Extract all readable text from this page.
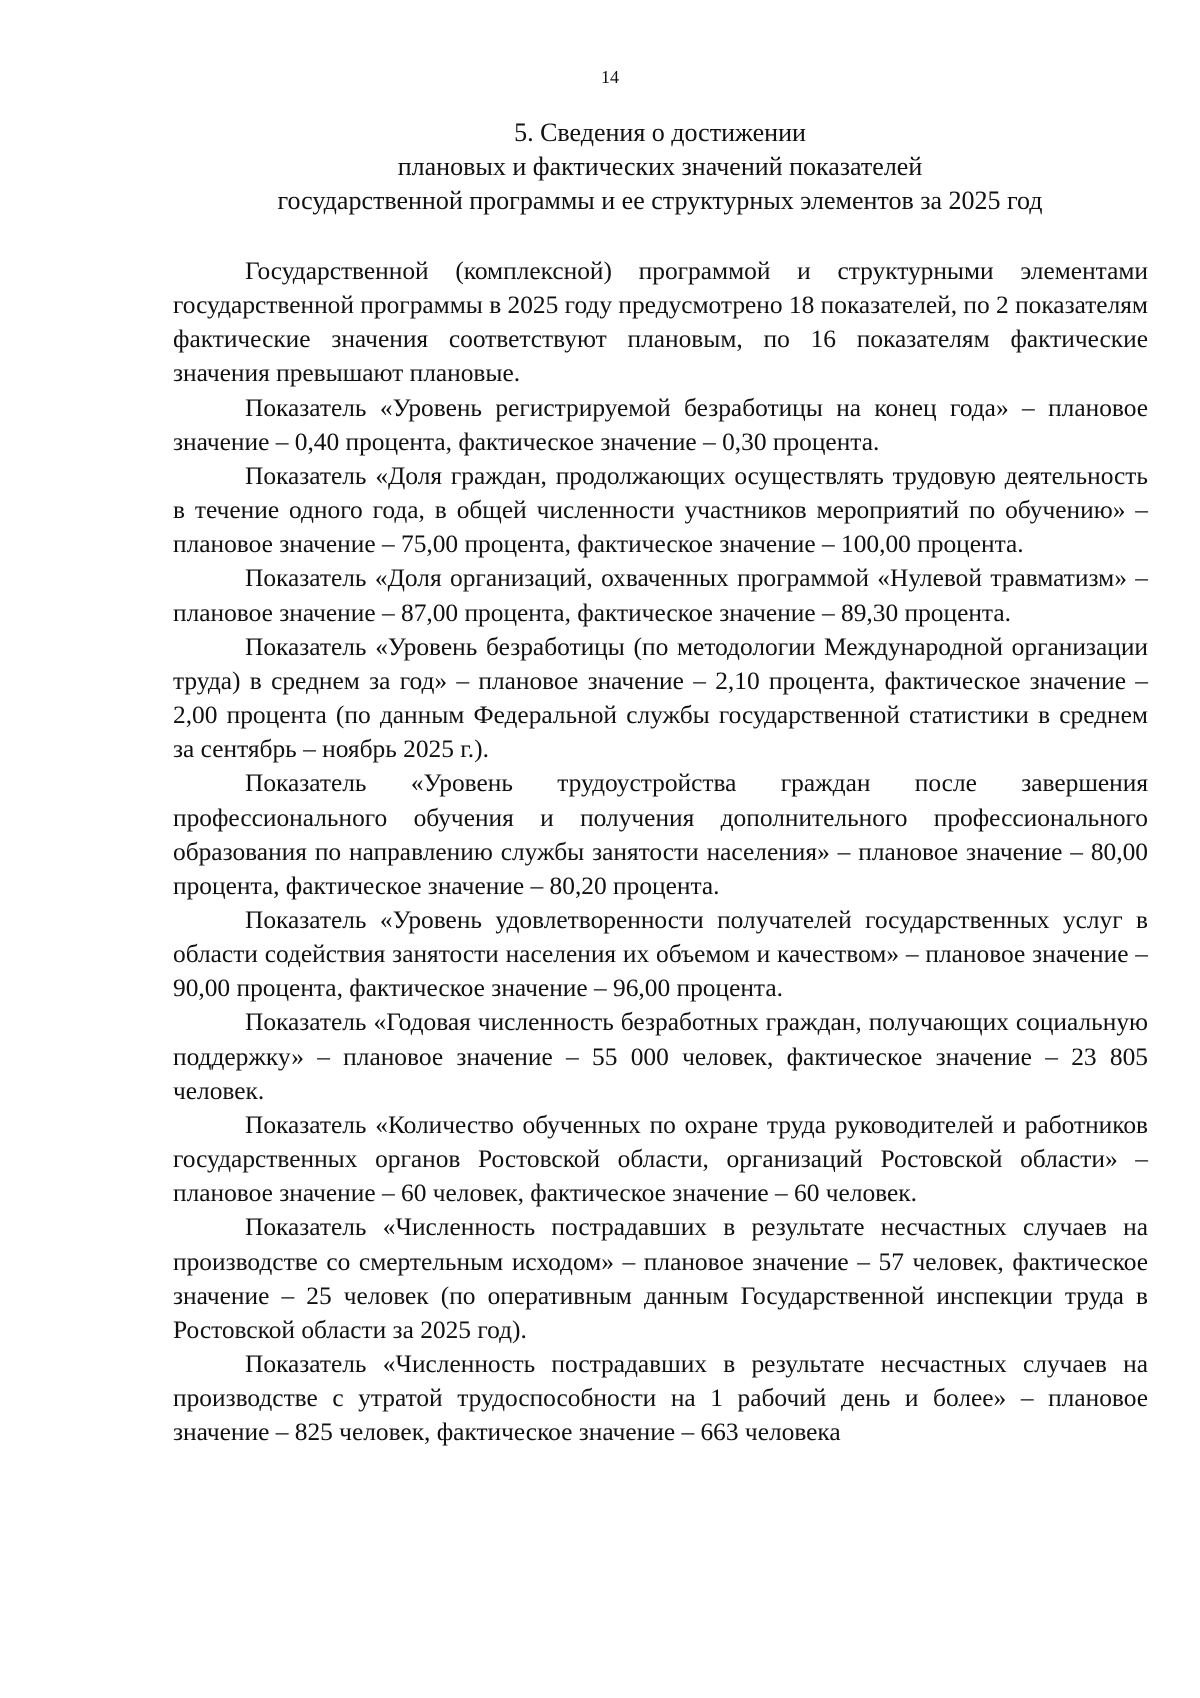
14
5. Сведения о достижении
плановых и фактических значений показателей
государственной программы и ее структурных элементов за 2025 год

Государственной (комплексной) программой и структурными элементами государственной программы в 2025 году предусмотрено 18 показателей, по 2 показателям фактические значения соответствуют плановым, по 16 показателям фактические значения превышают плановые.

Показатель «Уровень регистрируемой безработицы на конец года» – плановое значение – 0,40 процента, фактическое значение – 0,30 процента.

Показатель «Доля граждан, продолжающих осуществлять трудовую деятельность в течение одного года, в общей численности участников мероприятий по обучению» – плановое значение – 75,00 процента, фактическое значение – 100,00 процента.

Показатель «Доля организаций, охваченных программой «Нулевой травматизм» – плановое значение – 87,00 процента, фактическое значение – 89,30 процента.

Показатель «Уровень безработицы (по методологии Международной организации труда) в среднем за год» – плановое значение – 2,10 процента, фактическое значение – 2,00 процента (по данным Федеральной службы государственной статистики в среднем за сентябрь – ноябрь 2025 г.).

Показатель «Уровень трудоустройства граждан после завершения профессионального обучения и получения дополнительного профессионального образования по направлению службы занятости населения» – плановое значение – 80,00 процента, фактическое значение – 80,20 процента.

Показатель «Уровень удовлетворенности получателей государственных услуг в области содействия занятости населения их объемом и качеством» – плановое значение – 90,00 процента, фактическое значение – 96,00 процента.

Показатель «Годовая численность безработных граждан, получающих социальную поддержку» – плановое значение – 55 000 человек, фактическое значение – 23 805 человек.

Показатель «Количество обученных по охране труда руководителей и работников государственных органов Ростовской области, организаций Ростовской области» – плановое значение – 60 человек, фактическое значение – 60 человек.

Показатель «Численность пострадавших в результате несчастных случаев на производстве со смертельным исходом» – плановое значение – 57 человек, фактическое значение – 25 человек (по оперативным данным Государственной инспекции труда в Ростовской области за 2025 год).

Показатель «Численность пострадавших в результате несчастных случаев на производстве с утратой трудоспособности на 1 рабочий день и более» – плановое значение – 825 человек, фактическое значение – 663 человека
